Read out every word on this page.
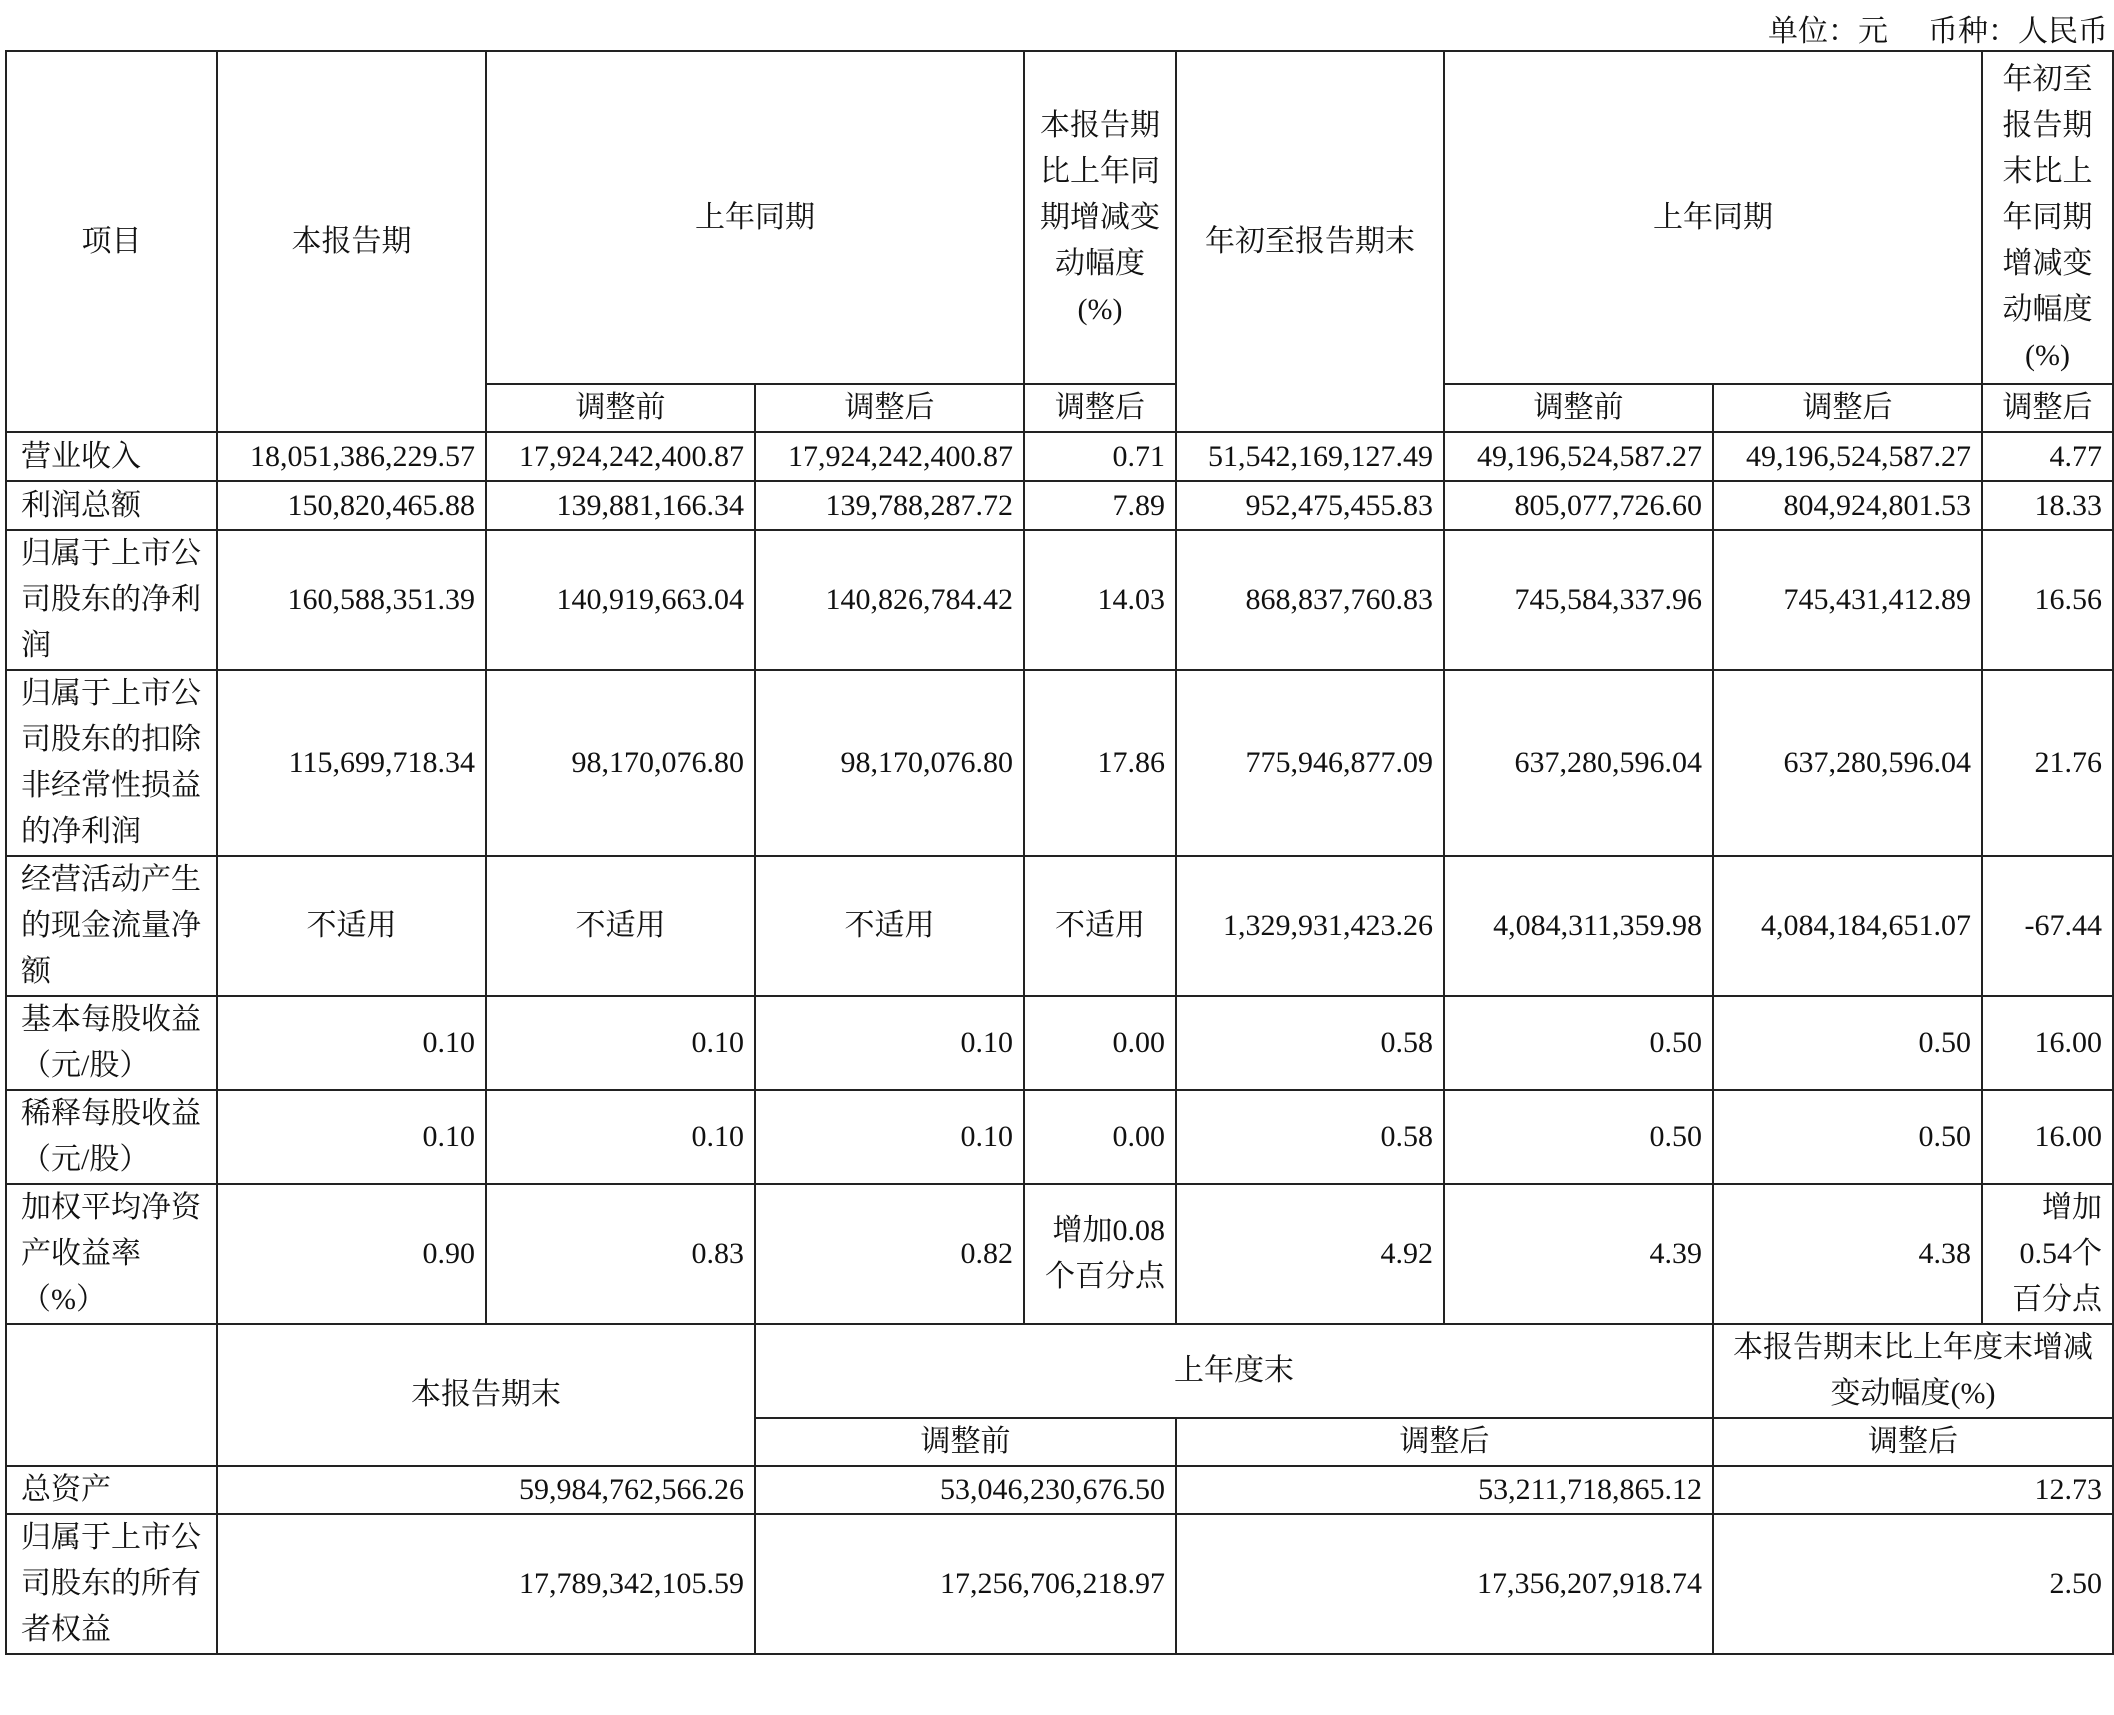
单位：元 币种：人民币
项目	本报告期	上年同期		本报告期比上年同期增减变动幅度(%)	年初至报告期末	上年同期		年初至报告期末比上年同期增减变动幅度(%)
		调整前	调整后	调整后		调整前	调整后	调整后
营业收入	18,051,386,229.57	17,924,242,400.87	17,924,242,400.87	0.71	51,542,169,127.49	49,196,524,587.27	49,196,524,587.27	4.77
利润总额	150,820,465.88	139,881,166.34	139,788,287.72	7.89	952,475,455.83	805,077,726.60	804,924,801.53	18.33
归属于上市公司股东的净利润	160,588,351.39	140,919,663.04	140,826,784.42	14.03	868,837,760.83	745,584,337.96	745,431,412.89	16.56
归属于上市公司股东的扣除非经常性损益的净利润	115,699,718.34	98,170,076.80	98,170,076.80	17.86	775,946,877.09	637,280,596.04	637,280,596.04	21.76
经营活动产生的现金流量净额	不适用	不适用	不适用	不适用	1,329,931,423.26	4,084,311,359.98	4,084,184,651.07	-67.44
基本每股收益（元/股）	0.10	0.10	0.10	0.00	0.58	0.50	0.50	16.00
稀释每股收益（元/股）	0.10	0.10	0.10	0.00	0.58	0.50	0.50	16.00
加权平均净资产收益率（%）	0.90	0.83	0.82	增加0.08个百分点	4.92	4.39	4.38	增加0.54个百分点
	本报告期末		上年度末				本报告期末比上年度末增减变动幅度(%)	
			调整前		调整后		调整后	
总资产	59,984,762,566.26		53,046,230,676.50		53,211,718,865.12		12.73	
归属于上市公司股东的所有者权益	17,789,342,105.59		17,256,706,218.97		17,356,207,918.74		2.50	
